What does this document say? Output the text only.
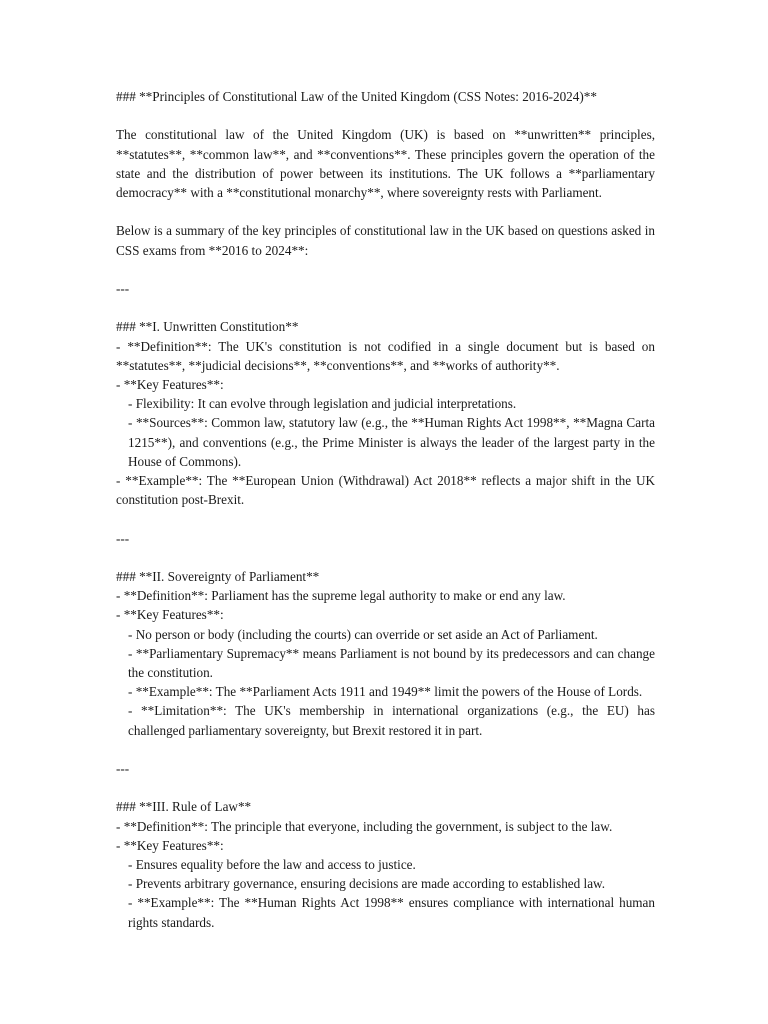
### **Principles of Constitutional Law of the United Kingdom (CSS Notes: 2016-2024)**
The constitutional law of the United Kingdom (UK) is based on **unwritten** principles, **statutes**, **common law**, and **conventions**. These principles govern the operation of the state and the distribution of power between its institutions. The UK follows a **parliamentary democracy** with a **constitutional monarchy**, where sovereignty rests with Parliament.
Below is a summary of the key principles of constitutional law in the UK based on questions asked in CSS exams from **2016 to 2024**:
---
### **I. Unwritten Constitution**
- **Definition**: The UK's constitution is not codified in a single document but is based on **statutes**, **judicial decisions**, **conventions**, and **works of authority**.
- **Key Features**:
- Flexibility: It can evolve through legislation and judicial interpretations.
- **Sources**: Common law, statutory law (e.g., the **Human Rights Act 1998**, **Magna Carta 1215**), and conventions (e.g., the Prime Minister is always the leader of the largest party in the House of Commons).
- **Example**: The **European Union (Withdrawal) Act 2018** reflects a major shift in the UK constitution post-Brexit.
---
### **II. Sovereignty of Parliament**
- **Definition**: Parliament has the supreme legal authority to make or end any law.
- **Key Features**:
- No person or body (including the courts) can override or set aside an Act of Parliament.
- **Parliamentary Supremacy** means Parliament is not bound by its predecessors and can change the constitution.
- **Example**: The **Parliament Acts 1911 and 1949** limit the powers of the House of Lords.
- **Limitation**: The UK's membership in international organizations (e.g., the EU) has challenged parliamentary sovereignty, but Brexit restored it in part.
---
### **III. Rule of Law**
- **Definition**: The principle that everyone, including the government, is subject to the law.
- **Key Features**:
- Ensures equality before the law and access to justice.
- Prevents arbitrary governance, ensuring decisions are made according to established law.
- **Example**: The **Human Rights Act 1998** ensures compliance with international human rights standards.
